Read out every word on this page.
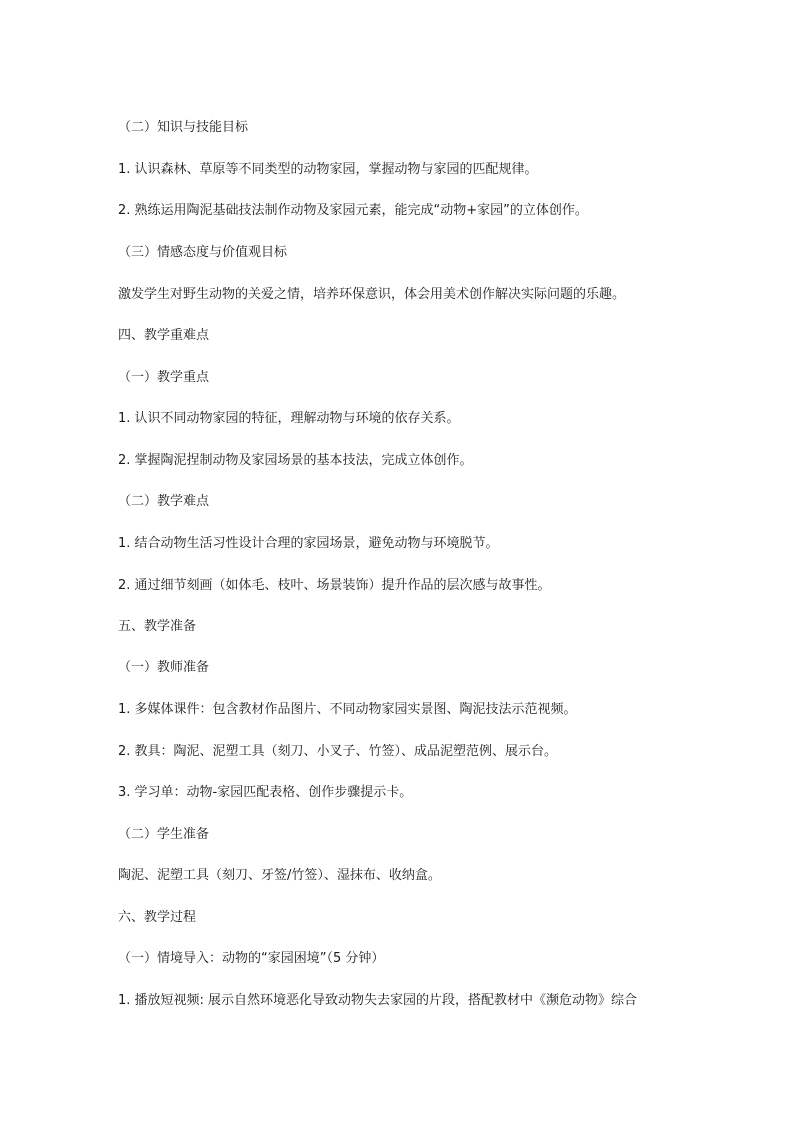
（二）知识与技能目标
1. 认识森林、草原等不同类型的动物家园，掌握动物与家园的匹配规律。
2. 熟练运用陶泥基础技法制作动物及家园元素，能完成“动物+家园”的立体创作。
（三）情感态度与价值观目标
激发学生对野生动物的关爱之情，培养环保意识，体会用美术创作解决实际问题的乐趣。
四、教学重难点
（一）教学重点
1. 认识不同动物家园的特征，理解动物与环境的依存关系。
2. 掌握陶泥捏制动物及家园场景的基本技法，完成立体创作。
（二）教学难点
1. 结合动物生活习性设计合理的家园场景，避免动物与环境脱节。
2. 通过细节刻画（如体毛、枝叶、场景装饰）提升作品的层次感与故事性。
五、教学准备
（一）教师准备
1. 多媒体课件：包含教材作品图片、不同动物家园实景图、陶泥技法示范视频。
2. 教具：陶泥、泥塑工具（刻刀、小叉子、竹签）、成品泥塑范例、展示台。
3. 学习单：动物-家园匹配表格、创作步骤提示卡。
（二）学生准备
陶泥、泥塑工具（刻刀、牙签/竹签）、湿抹布、收纳盒。
六、教学过程
（一）情境导入：动物的“家园困境”（5 分钟）
1. 播放短视频: 展示自然环境恶化导致动物失去家园的片段，搭配教材中《濒危动物》综合
